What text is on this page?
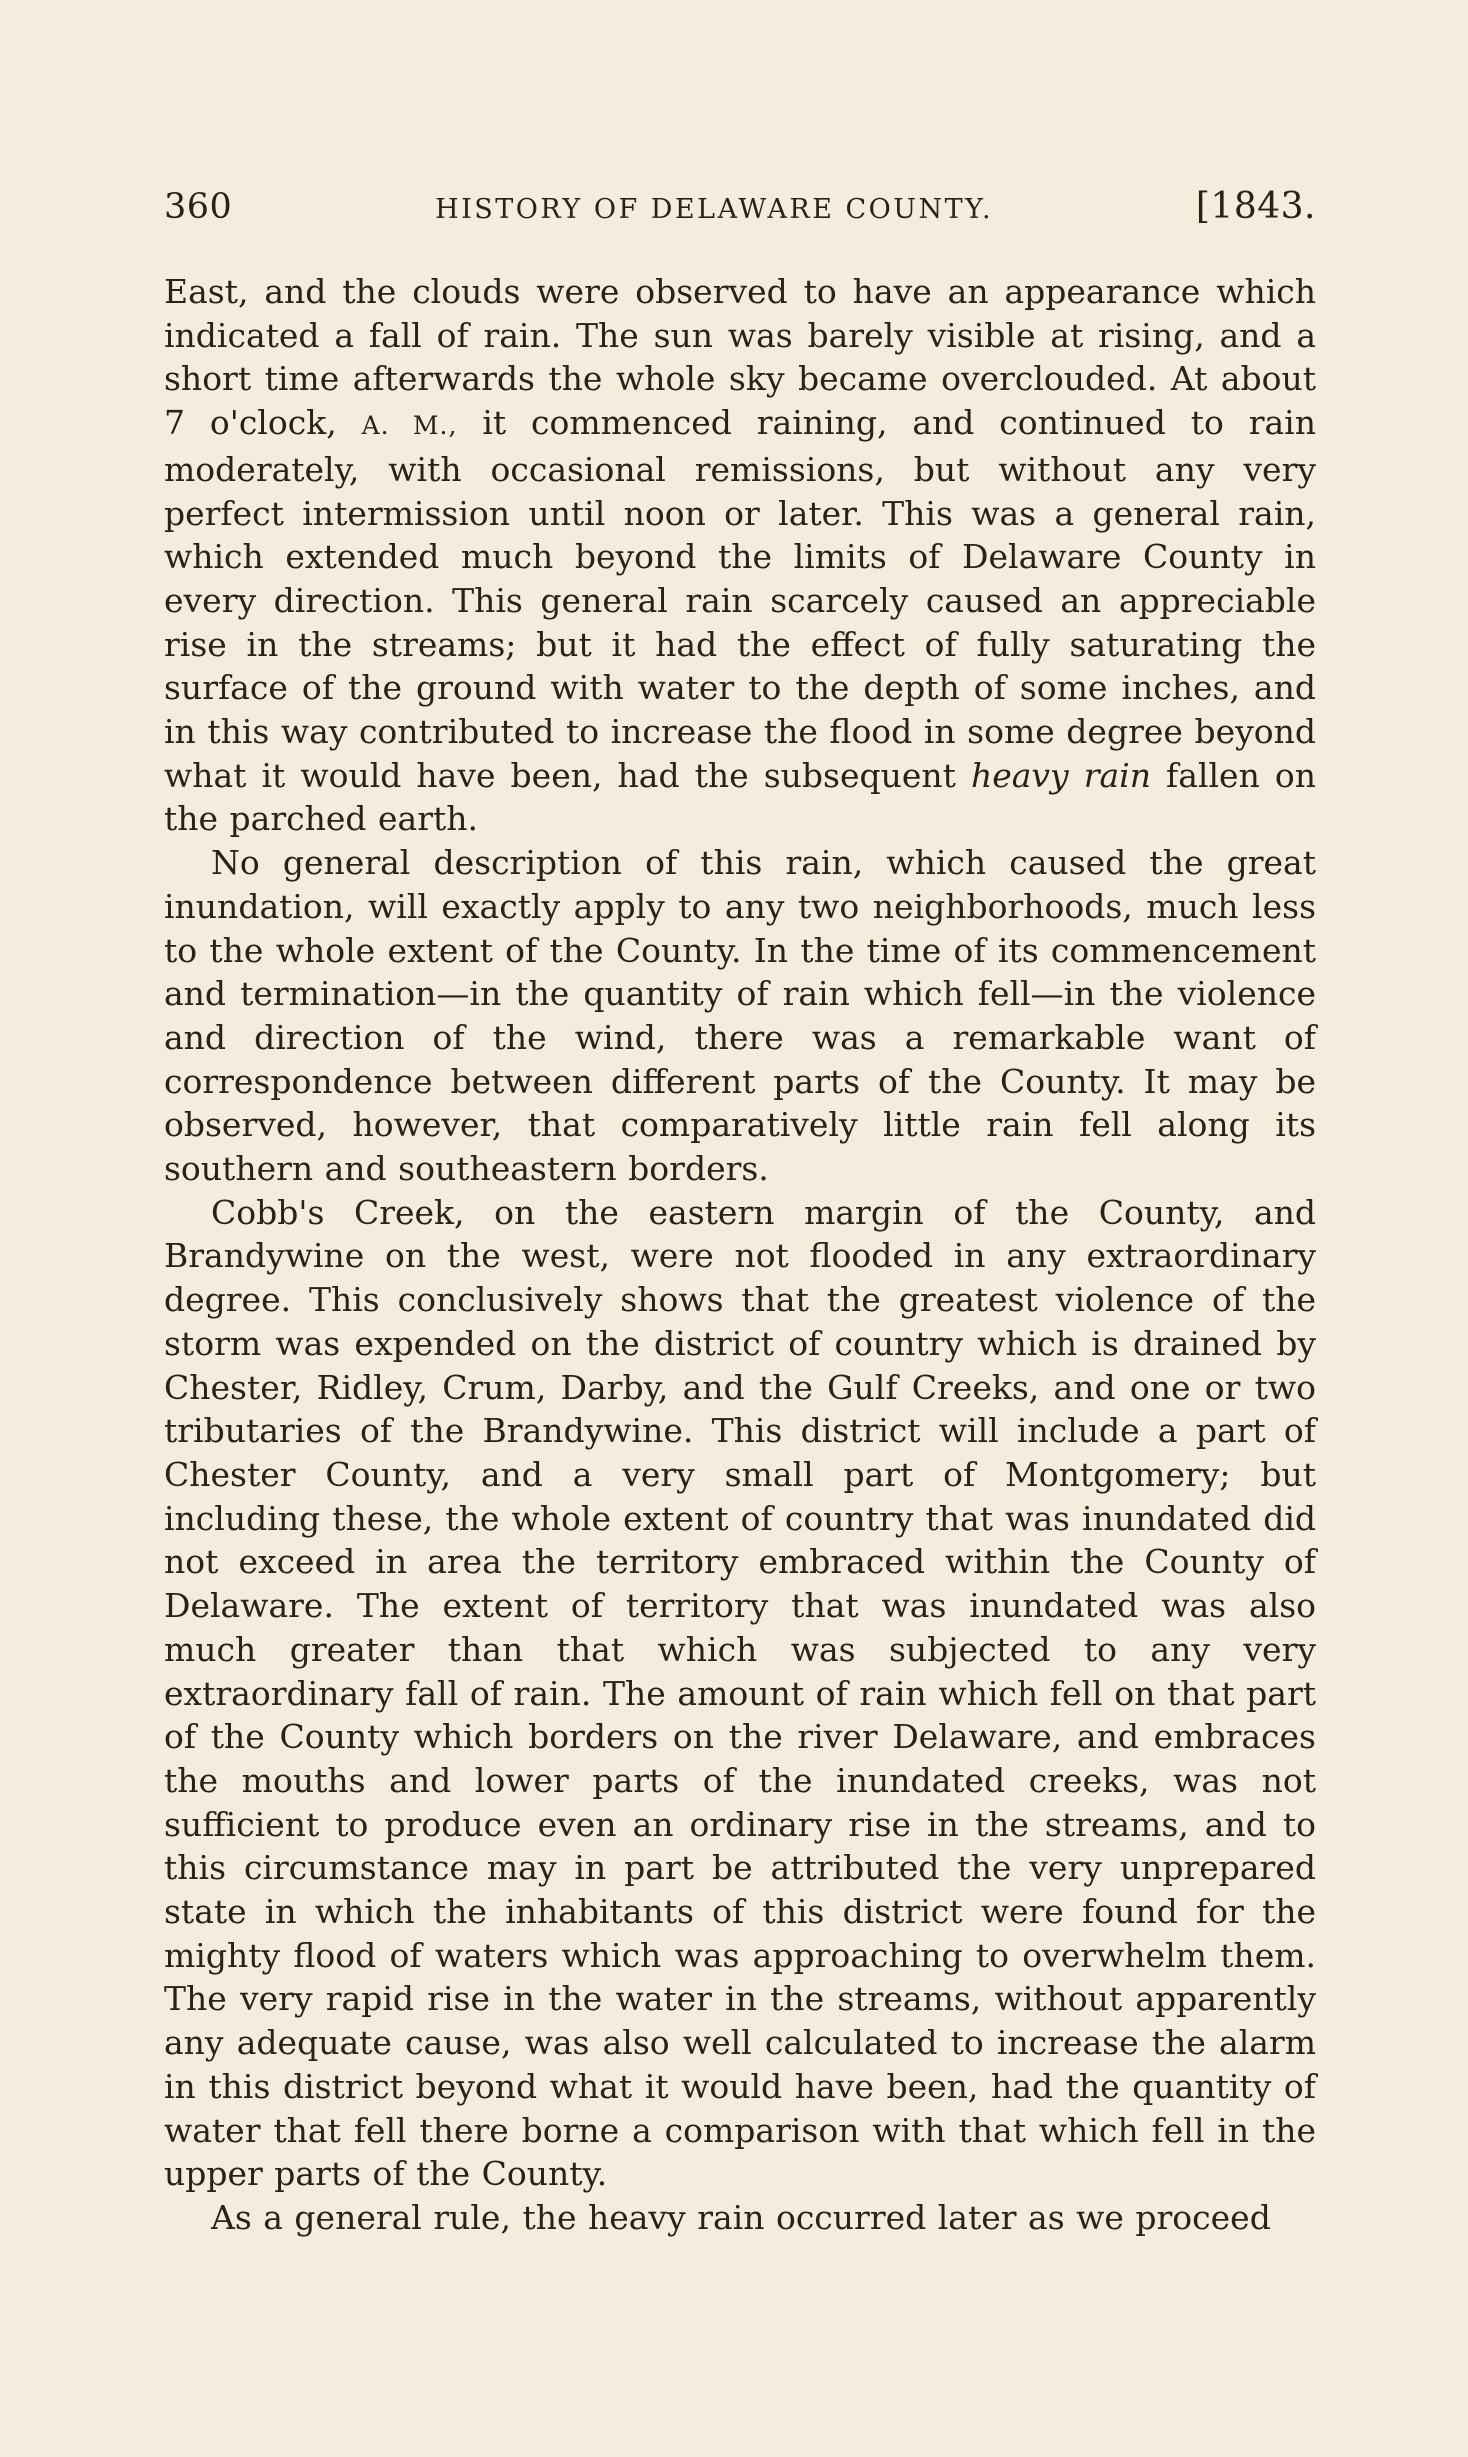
360	HISTORY OF DELAWARE COUNTY.	[1843.

East, and the clouds were observed to have an appearance which indicated a fall of rain. The sun was barely visible at rising, and a short time afterwards the whole sky became overclouded. At about 7 o'clock, A. M., it commenced raining, and continued to rain moderately, with occasional remissions, but without any very perfect intermission until noon or later. This was a general rain, which extended much beyond the limits of Delaware County in every direction. This general rain scarcely caused an appreciable rise in the streams; but it had the effect of fully saturating the surface of the ground with water to the depth of some inches, and in this way contributed to increase the flood in some degree beyond what it would have been, had the subsequent heavy rain fallen on the parched earth.

No general description of this rain, which caused the great inundation, will exactly apply to any two neighborhoods, much less to the whole extent of the County. In the time of its commencement and termination—in the quantity of rain which fell—in the violence and direction of the wind, there was a remarkable want of correspondence between different parts of the County. It may be observed, however, that comparatively little rain fell along its southern and southeastern borders.

Cobb's Creek, on the eastern margin of the County, and Brandywine on the west, were not flooded in any extraordinary degree. This conclusively shows that the greatest violence of the storm was expended on the district of country which is drained by Chester, Ridley, Crum, Darby, and the Gulf Creeks, and one or two tributaries of the Brandywine. This district will include a part of Chester County, and a very small part of Montgomery; but including these, the whole extent of country that was inundated did not exceed in area the territory embraced within the County of Delaware. The extent of territory that was inundated was also much greater than that which was subjected to any very extraordinary fall of rain. The amount of rain which fell on that part of the County which borders on the river Delaware, and embraces the mouths and lower parts of the inundated creeks, was not sufficient to produce even an ordinary rise in the streams, and to this circumstance may in part be attributed the very unprepared state in which the inhabitants of this district were found for the mighty flood of waters which was approaching to overwhelm them. The very rapid rise in the water in the streams, without apparently any adequate cause, was also well calculated to increase the alarm in this district beyond what it would have been, had the quantity of water that fell there borne a comparison with that which fell in the upper parts of the County.

As a general rule, the heavy rain occurred later as we proceed
